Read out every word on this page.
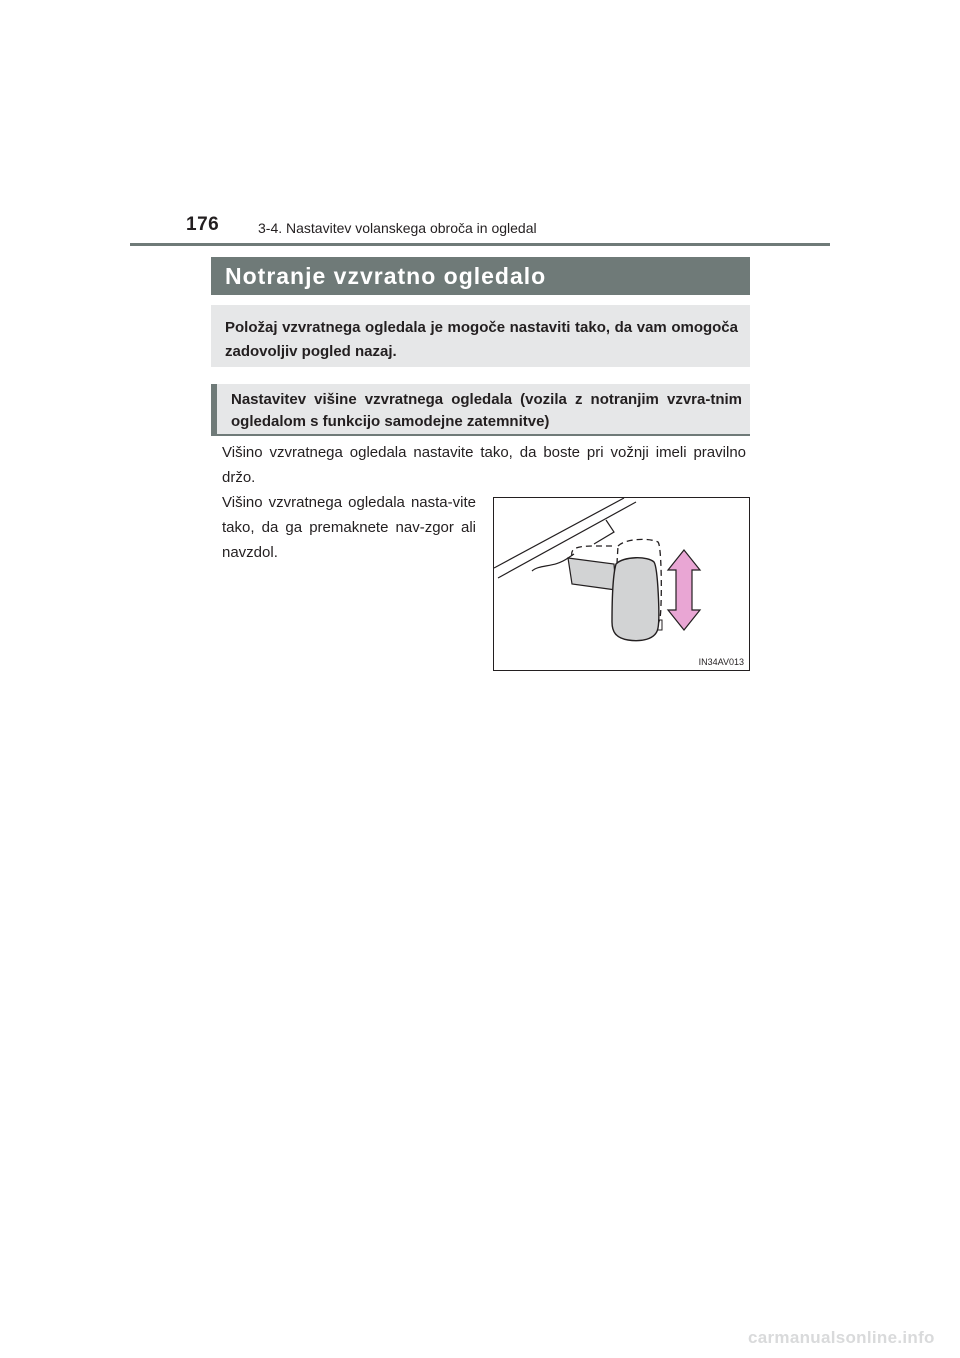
176	3-4. Nastavitev volanskega obroča in ogledal
Notranje vzvratno ogledalo
Položaj vzvratnega ogledala je mogoče nastaviti tako, da vam omogoča zadovoljiv pogled nazaj.
Nastavitev višine vzvratnega ogledala (vozila z notranjim vzvra-tnim ogledalom s funkcijo samodejne zatemnitve)

Višino vzvratnega ogledala nastavite tako, da boste pri vožnji imeli pravilno držo.

Višino vzvratnega ogledala nasta-vite tako, da ga premaknete nav-zgor ali navzdol.

IN34AV013
carmanualsonline.info
